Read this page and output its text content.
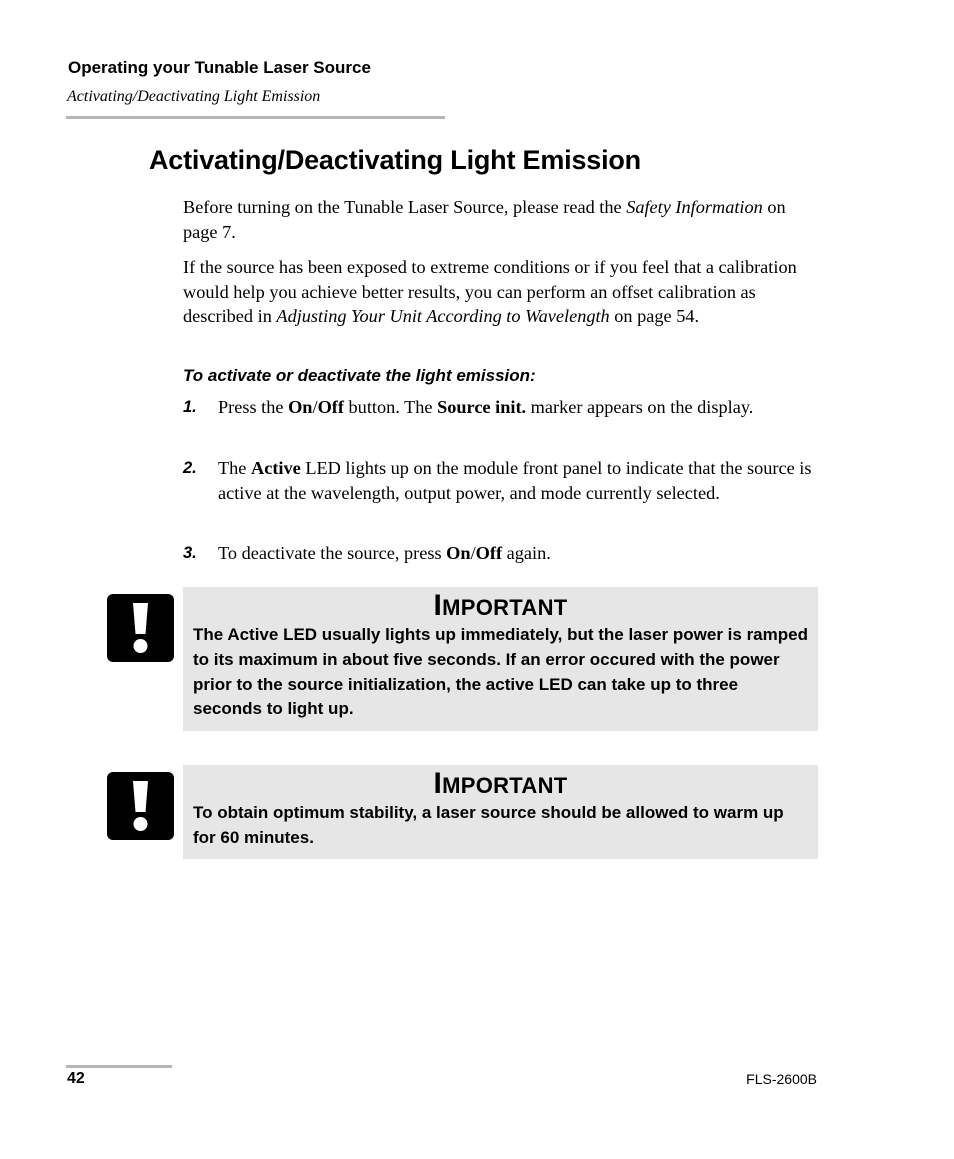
Operating your Tunable Laser Source
Activating/Deactivating Light Emission
Activating/Deactivating Light Emission

Before turning on the Tunable Laser Source, please read the Safety Information on page 7.

If the source has been exposed to extreme conditions or if you feel that a calibration would help you achieve better results, you can perform an offset calibration as described in Adjusting Your Unit According to Wavelength on page 54.

To activate or deactivate the light emission:
1. Press the On/Off button. The Source init. marker appears on the display.
2. The Active LED lights up on the module front panel to indicate that the source is active at the wavelength, output power, and mode currently selected.
3. To deactivate the source, press On/Off again.
IMPORTANT
The Active LED usually lights up immediately, but the laser power is ramped to its maximum in about five seconds. If an error occured with the power prior to the source initialization, the active LED can take up to three seconds to light up.
IMPORTANT
To obtain optimum stability, a laser source should be allowed to warm up for 60 minutes.
42	FLS-2600B
